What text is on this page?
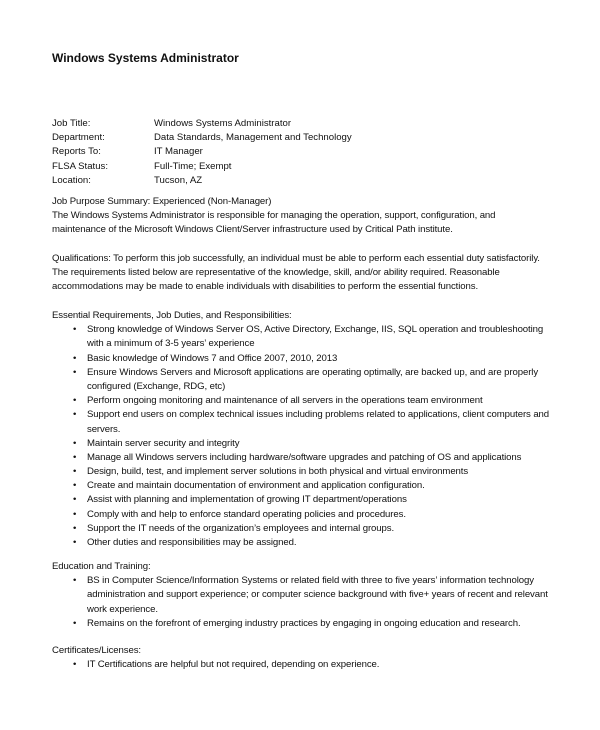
Windows Systems Administrator
Job Title:	Windows Systems Administrator
Department:	Data Standards, Management and Technology
Reports To:	IT Manager
FLSA Status:	Full-Time; Exempt
Location:	Tucson, AZ
Job Purpose Summary: Experienced (Non-Manager)
The Windows Systems Administrator is responsible for managing the operation, support, configuration, and
maintenance of the Microsoft Windows Client/Server infrastructure used by Critical Path institute.
Qualifications: To perform this job successfully, an individual must be able to perform each essential duty satisfactorily.
The requirements listed below are representative of the knowledge, skill, and/or ability required. Reasonable
accommodations may be made to enable individuals with disabilities to perform the essential functions.
Essential Requirements, Job Duties, and Responsibilities:
• Strong knowledge of Windows Server OS, Active Directory, Exchange, IIS, SQL operation and troubleshooting
with a minimum of 3-5 years’ experience
• Basic knowledge of Windows 7 and Office 2007, 2010, 2013
• Ensure Windows Servers and Microsoft applications are operating optimally, are backed up, and are properly
configured (Exchange, RDG, etc)
• Perform ongoing monitoring and maintenance of all servers in the operations team environment
• Support end users on complex technical issues including problems related to applications, client computers and
servers.
• Maintain server security and integrity
• Manage all Windows servers including hardware/software upgrades and patching of OS and applications
• Design, build, test, and implement server solutions in both physical and virtual environments
• Create and maintain documentation of environment and application configuration.
• Assist with planning and implementation of growing IT department/operations
• Comply with and help to enforce standard operating policies and procedures.
• Support the IT needs of the organization’s employees and internal groups.
• Other duties and responsibilities may be assigned.
Education and Training:
• BS in Computer Science/Information Systems or related field with three to five years’ information technology
administration and support experience; or computer science background with five+ years of recent and relevant
work experience.
• Remains on the forefront of emerging industry practices by engaging in ongoing education and research.
Certificates/Licenses:
• IT Certifications are helpful but not required, depending on experience.
